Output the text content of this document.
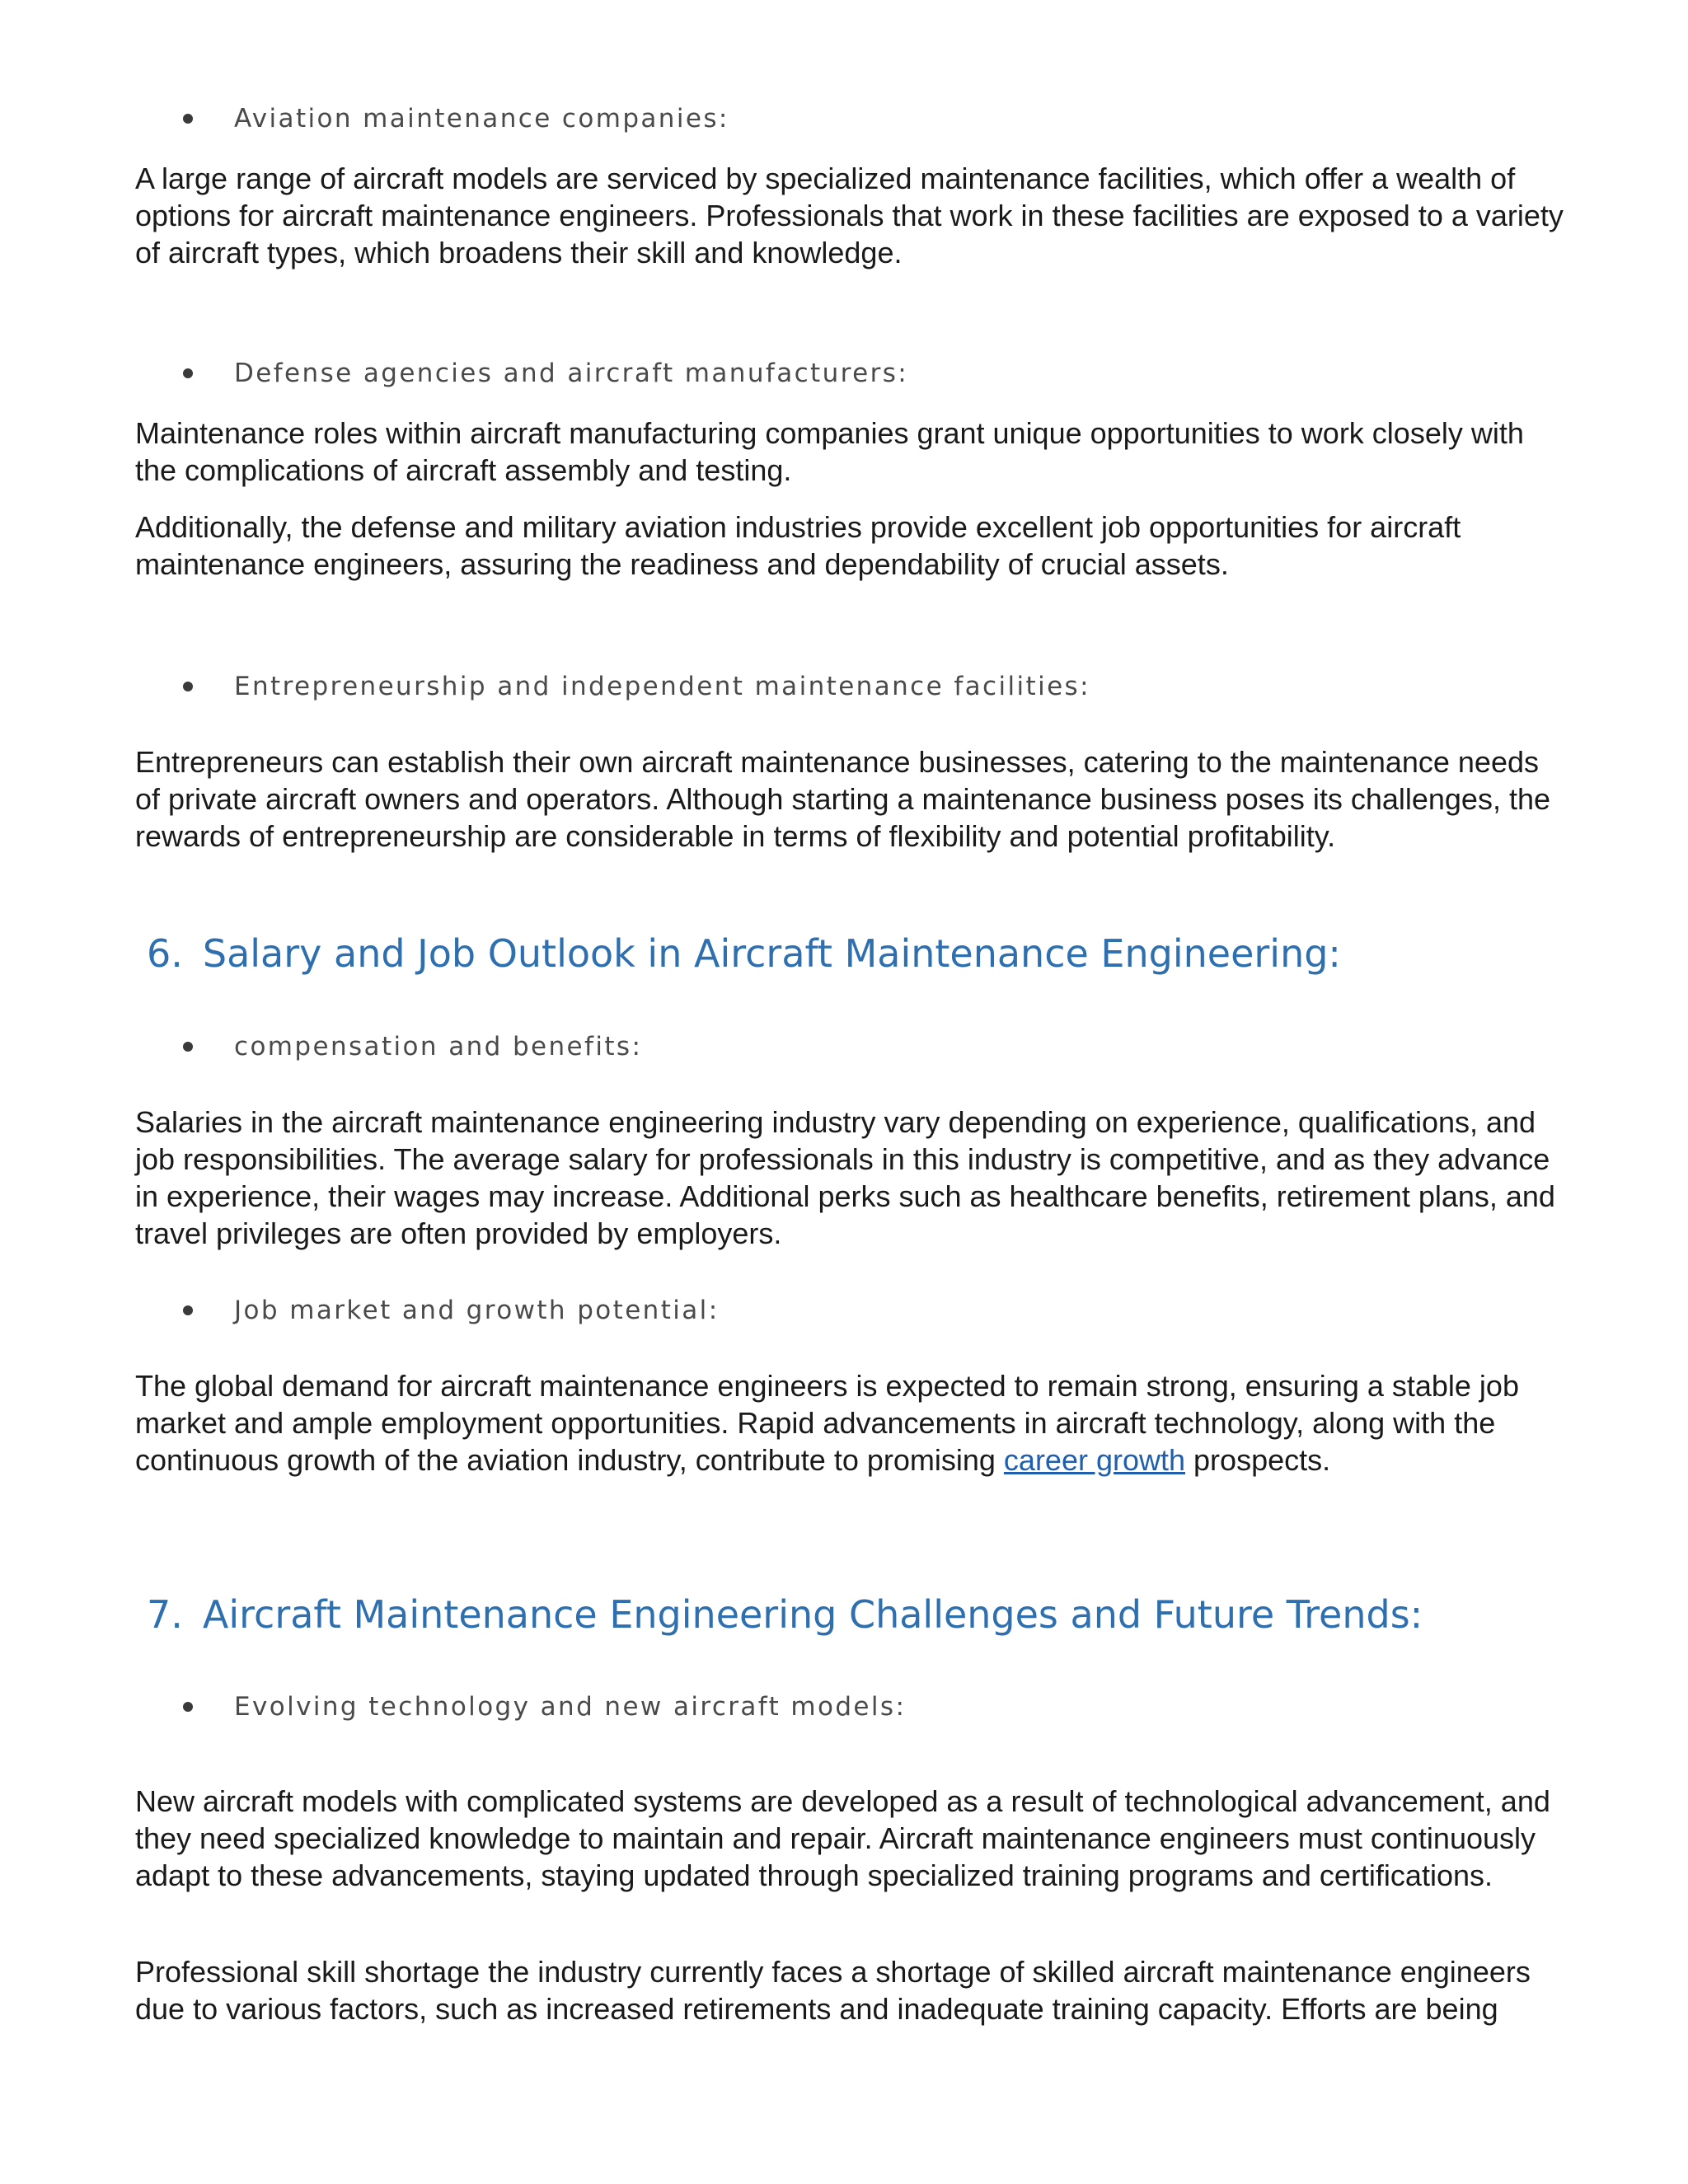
Aviation maintenance companies:

A large range of aircraft models are serviced by specialized maintenance facilities, which offer a wealth of options for aircraft maintenance engineers. Professionals that work in these facilities are exposed to a variety of aircraft types, which broadens their skill and knowledge.

Defense agencies and aircraft manufacturers:

Maintenance roles within aircraft manufacturing companies grant unique opportunities to work closely with the complications of aircraft assembly and testing.

Additionally, the defense and military aviation industries provide excellent job opportunities for aircraft maintenance engineers, assuring the readiness and dependability of crucial assets.

Entrepreneurship and independent maintenance facilities:

Entrepreneurs can establish their own aircraft maintenance businesses, catering to the maintenance needs of private aircraft owners and operators. Although starting a maintenance business poses its challenges, the rewards of entrepreneurship are considerable in terms of flexibility and potential profitability.

6. Salary and Job Outlook in Aircraft Maintenance Engineering:
compensation and benefits:

Salaries in the aircraft maintenance engineering industry vary depending on experience, qualifications, and job responsibilities. The average salary for professionals in this industry is competitive, and as they advance in experience, their wages may increase. Additional perks such as healthcare benefits, retirement plans, and travel privileges are often provided by employers.

Job market and growth potential:

The global demand for aircraft maintenance engineers is expected to remain strong, ensuring a stable job market and ample employment opportunities. Rapid advancements in aircraft technology, along with the continuous growth of the aviation industry, contribute to promising career growth prospects.

7. Aircraft Maintenance Engineering Challenges and Future Trends:
Evolving technology and new aircraft models:

New aircraft models with complicated systems are developed as a result of technological advancement, and they need specialized knowledge to maintain and repair. Aircraft maintenance engineers must continuously adapt to these advancements, staying updated through specialized training programs and certifications.

Professional skill shortage the industry currently faces a shortage of skilled aircraft maintenance engineers due to various factors, such as increased retirements and inadequate training capacity. Efforts are being
